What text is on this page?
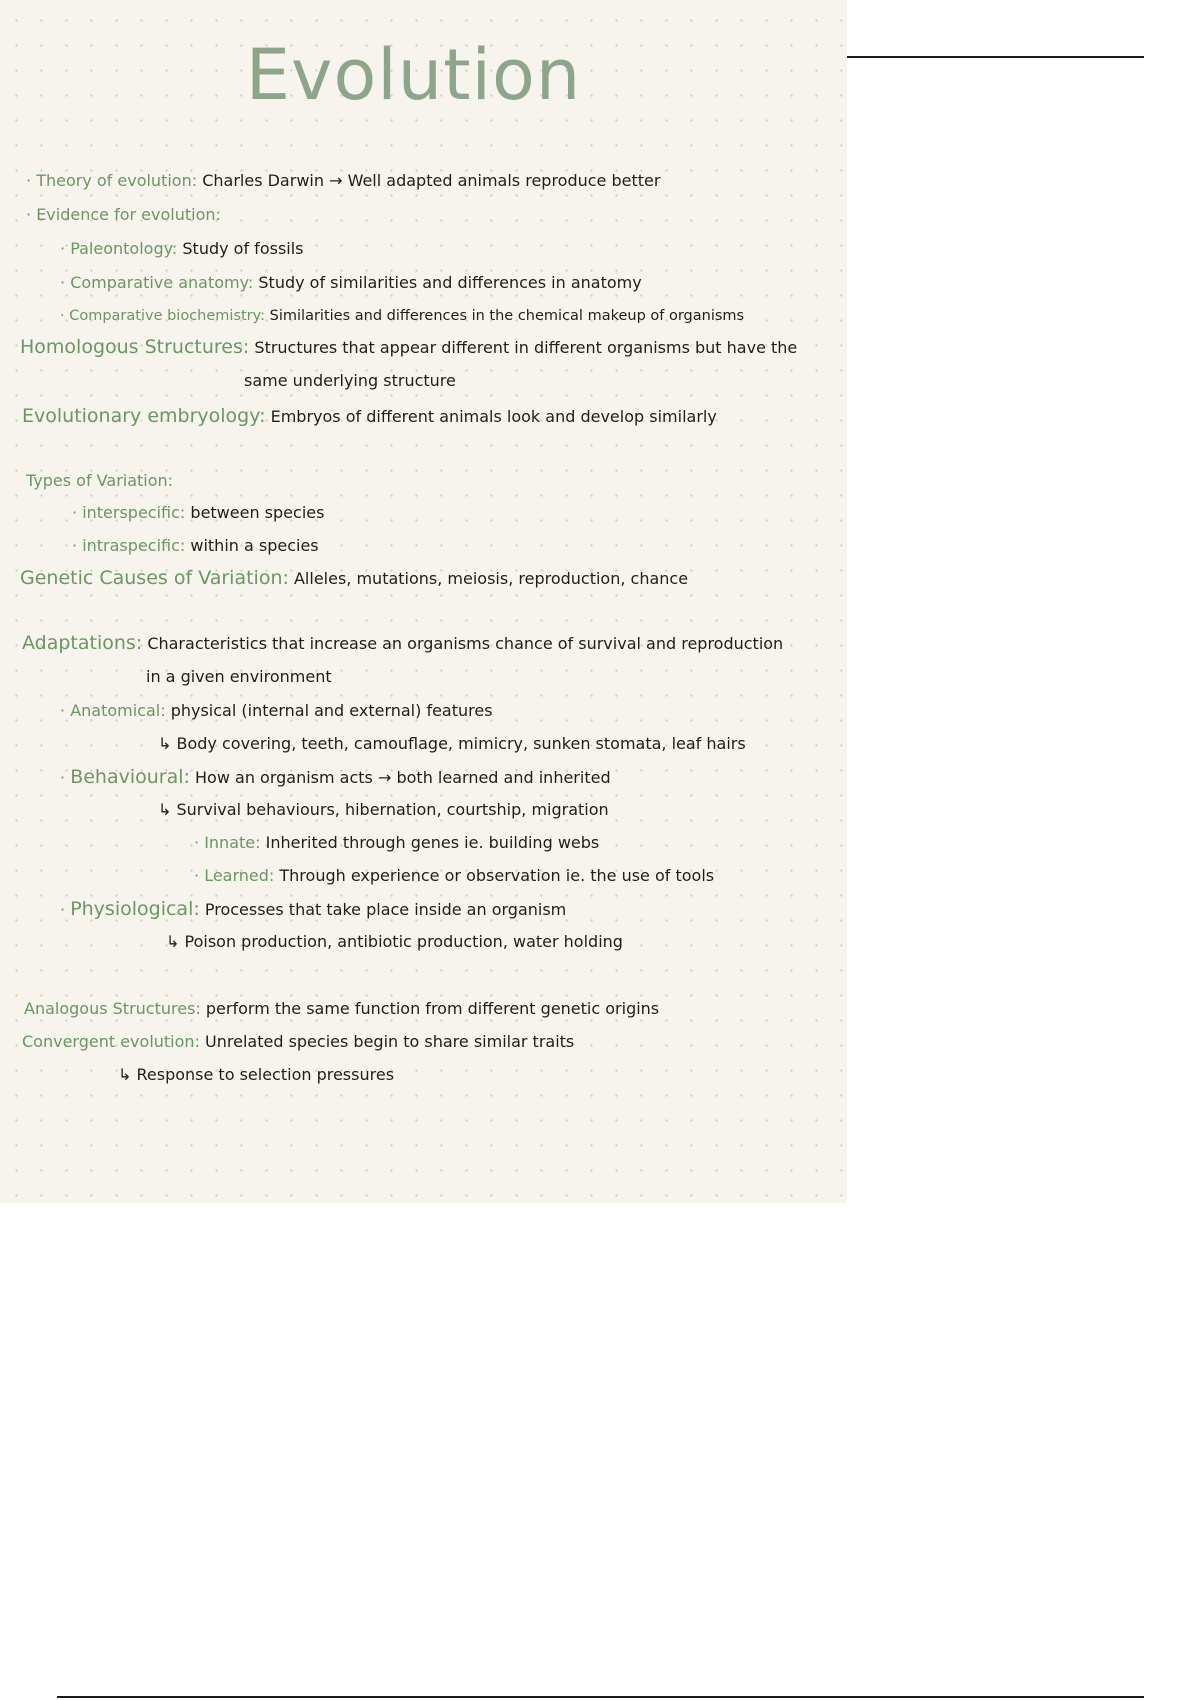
Evolution
· Theory of evolution: Charles Darwin → Well adapted animals reproduce better
· Evidence for evolution:
· Paleontology: Study of fossils
· Comparative anatomy: Study of similarities and differences in anatomy
· Comparative biochemistry: Similarities and differences in the chemical makeup of organisms
Homologous Structures: Structures that appear different in different organisms but have the
same underlying structure
Evolutionary embryology: Embryos of different animals look and develop similarly
Types of Variation:
· interspecific: between species
· intraspecific: within a species
Genetic Causes of Variation: Alleles, mutations, meiosis, reproduction, chance
Adaptations: Characteristics that increase an organisms chance of survival and reproduction
in a given environment
· Anatomical: physical (internal and external) features
↳ Body covering, teeth, camouflage, mimicry, sunken stomata, leaf hairs
· Behavioural: How an organism acts → both learned and inherited
↳ Survival behaviours, hibernation, courtship, migration
· Innate: Inherited through genes ie. building webs
· Learned: Through experience or observation ie. the use of tools
· Physiological: Processes that take place inside an organism
↳ Poison production, antibiotic production, water holding
Analogous Structures: perform the same function from different genetic origins
Convergent evolution: Unrelated species begin to share similar traits
↳ Response to selection pressures
